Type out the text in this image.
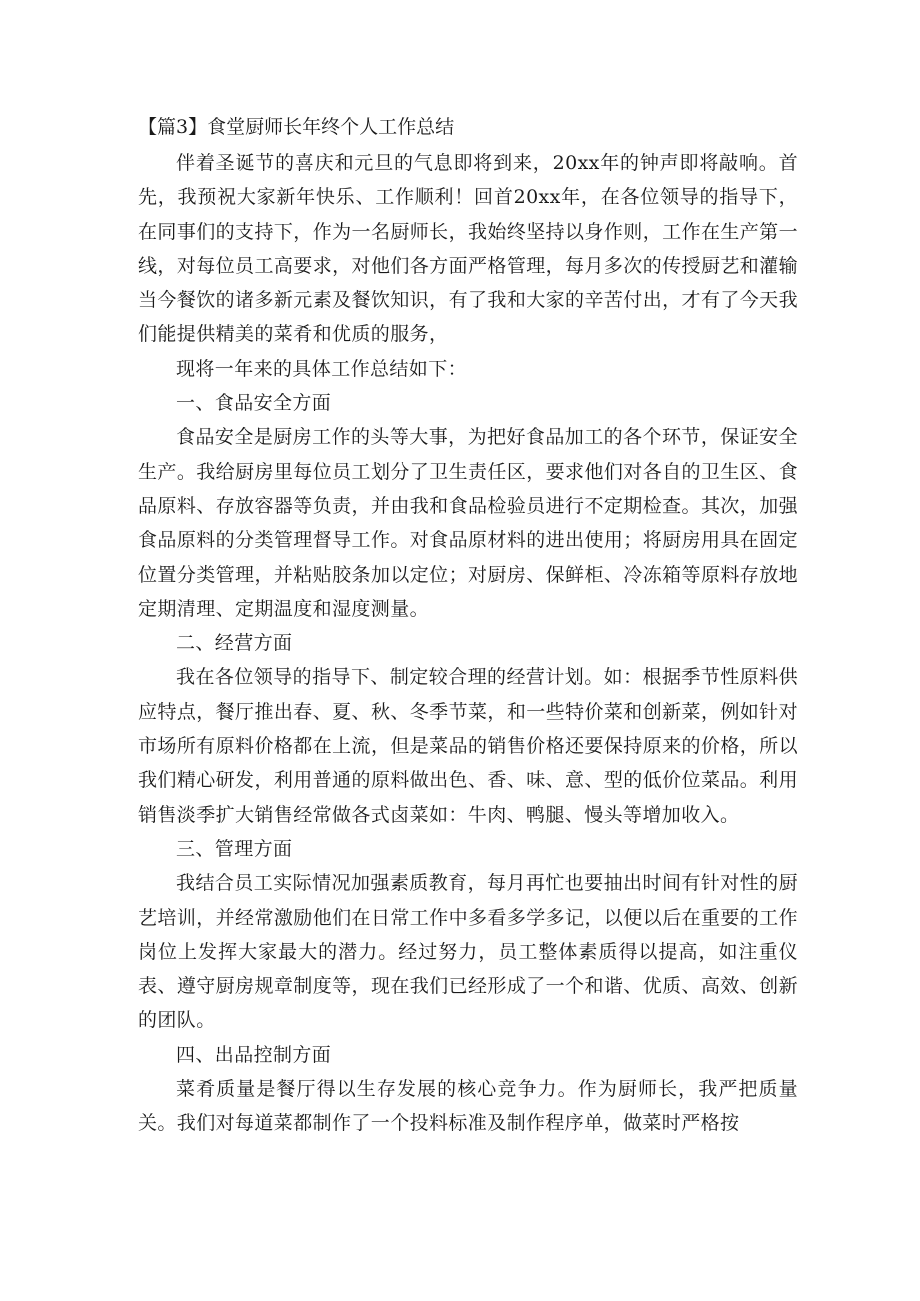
【篇3】食堂厨师长年终个人工作总结

伴着圣诞节的喜庆和元旦的气息即将到来，20xx年的钟声即将敲响。首先，我预祝大家新年快乐、工作顺利！回首20xx年，在各位领导的指导下，在同事们的支持下，作为一名厨师长，我始终坚持以身作则，工作在生产第一线，对每位员工高要求，对他们各方面严格管理，每月多次的传授厨艺和灌输当今餐饮的诸多新元素及餐饮知识，有了我和大家的辛苦付出，才有了今天我们能提供精美的菜肴和优质的服务，

现将一年来的具体工作总结如下：

一、食品安全方面

食品安全是厨房工作的头等大事，为把好食品加工的各个环节，保证安全生产。我给厨房里每位员工划分了卫生责任区，要求他们对各自的卫生区、食品原料、存放容器等负责，并由我和食品检验员进行不定期检查。其次，加强食品原料的分类管理督导工作。对食品原材料的进出使用；将厨房用具在固定位置分类管理，并粘贴胶条加以定位；对厨房、保鲜柜、冷冻箱等原料存放地定期清理、定期温度和湿度测量。

二、经营方面

我在各位领导的指导下、制定较合理的经营计划。如：根据季节性原料供应特点，餐厅推出春、夏、秋、冬季节菜，和一些特价菜和创新菜，例如针对市场所有原料价格都在上流，但是菜品的销售价格还要保持原来的价格，所以我们精心研发，利用普通的原料做出色、香、味、意、型的低价位菜品。利用销售淡季扩大销售经常做各式卤菜如：牛肉、鸭腿、慢头等增加收入。

三、管理方面

我结合员工实际情况加强素质教育，每月再忙也要抽出时间有针对性的厨艺培训，并经常激励他们在日常工作中多看多学多记，以便以后在重要的工作岗位上发挥大家最大的潜力。经过努力，员工整体素质得以提高，如注重仪表、遵守厨房规章制度等，现在我们已经形成了一个和谐、优质、高效、创新的团队。

四、出品控制方面

菜肴质量是餐厅得以生存发展的核心竞争力。作为厨师长，我严把质量关。我们对每道菜都制作了一个投料标准及制作程序单，做菜时严格按
